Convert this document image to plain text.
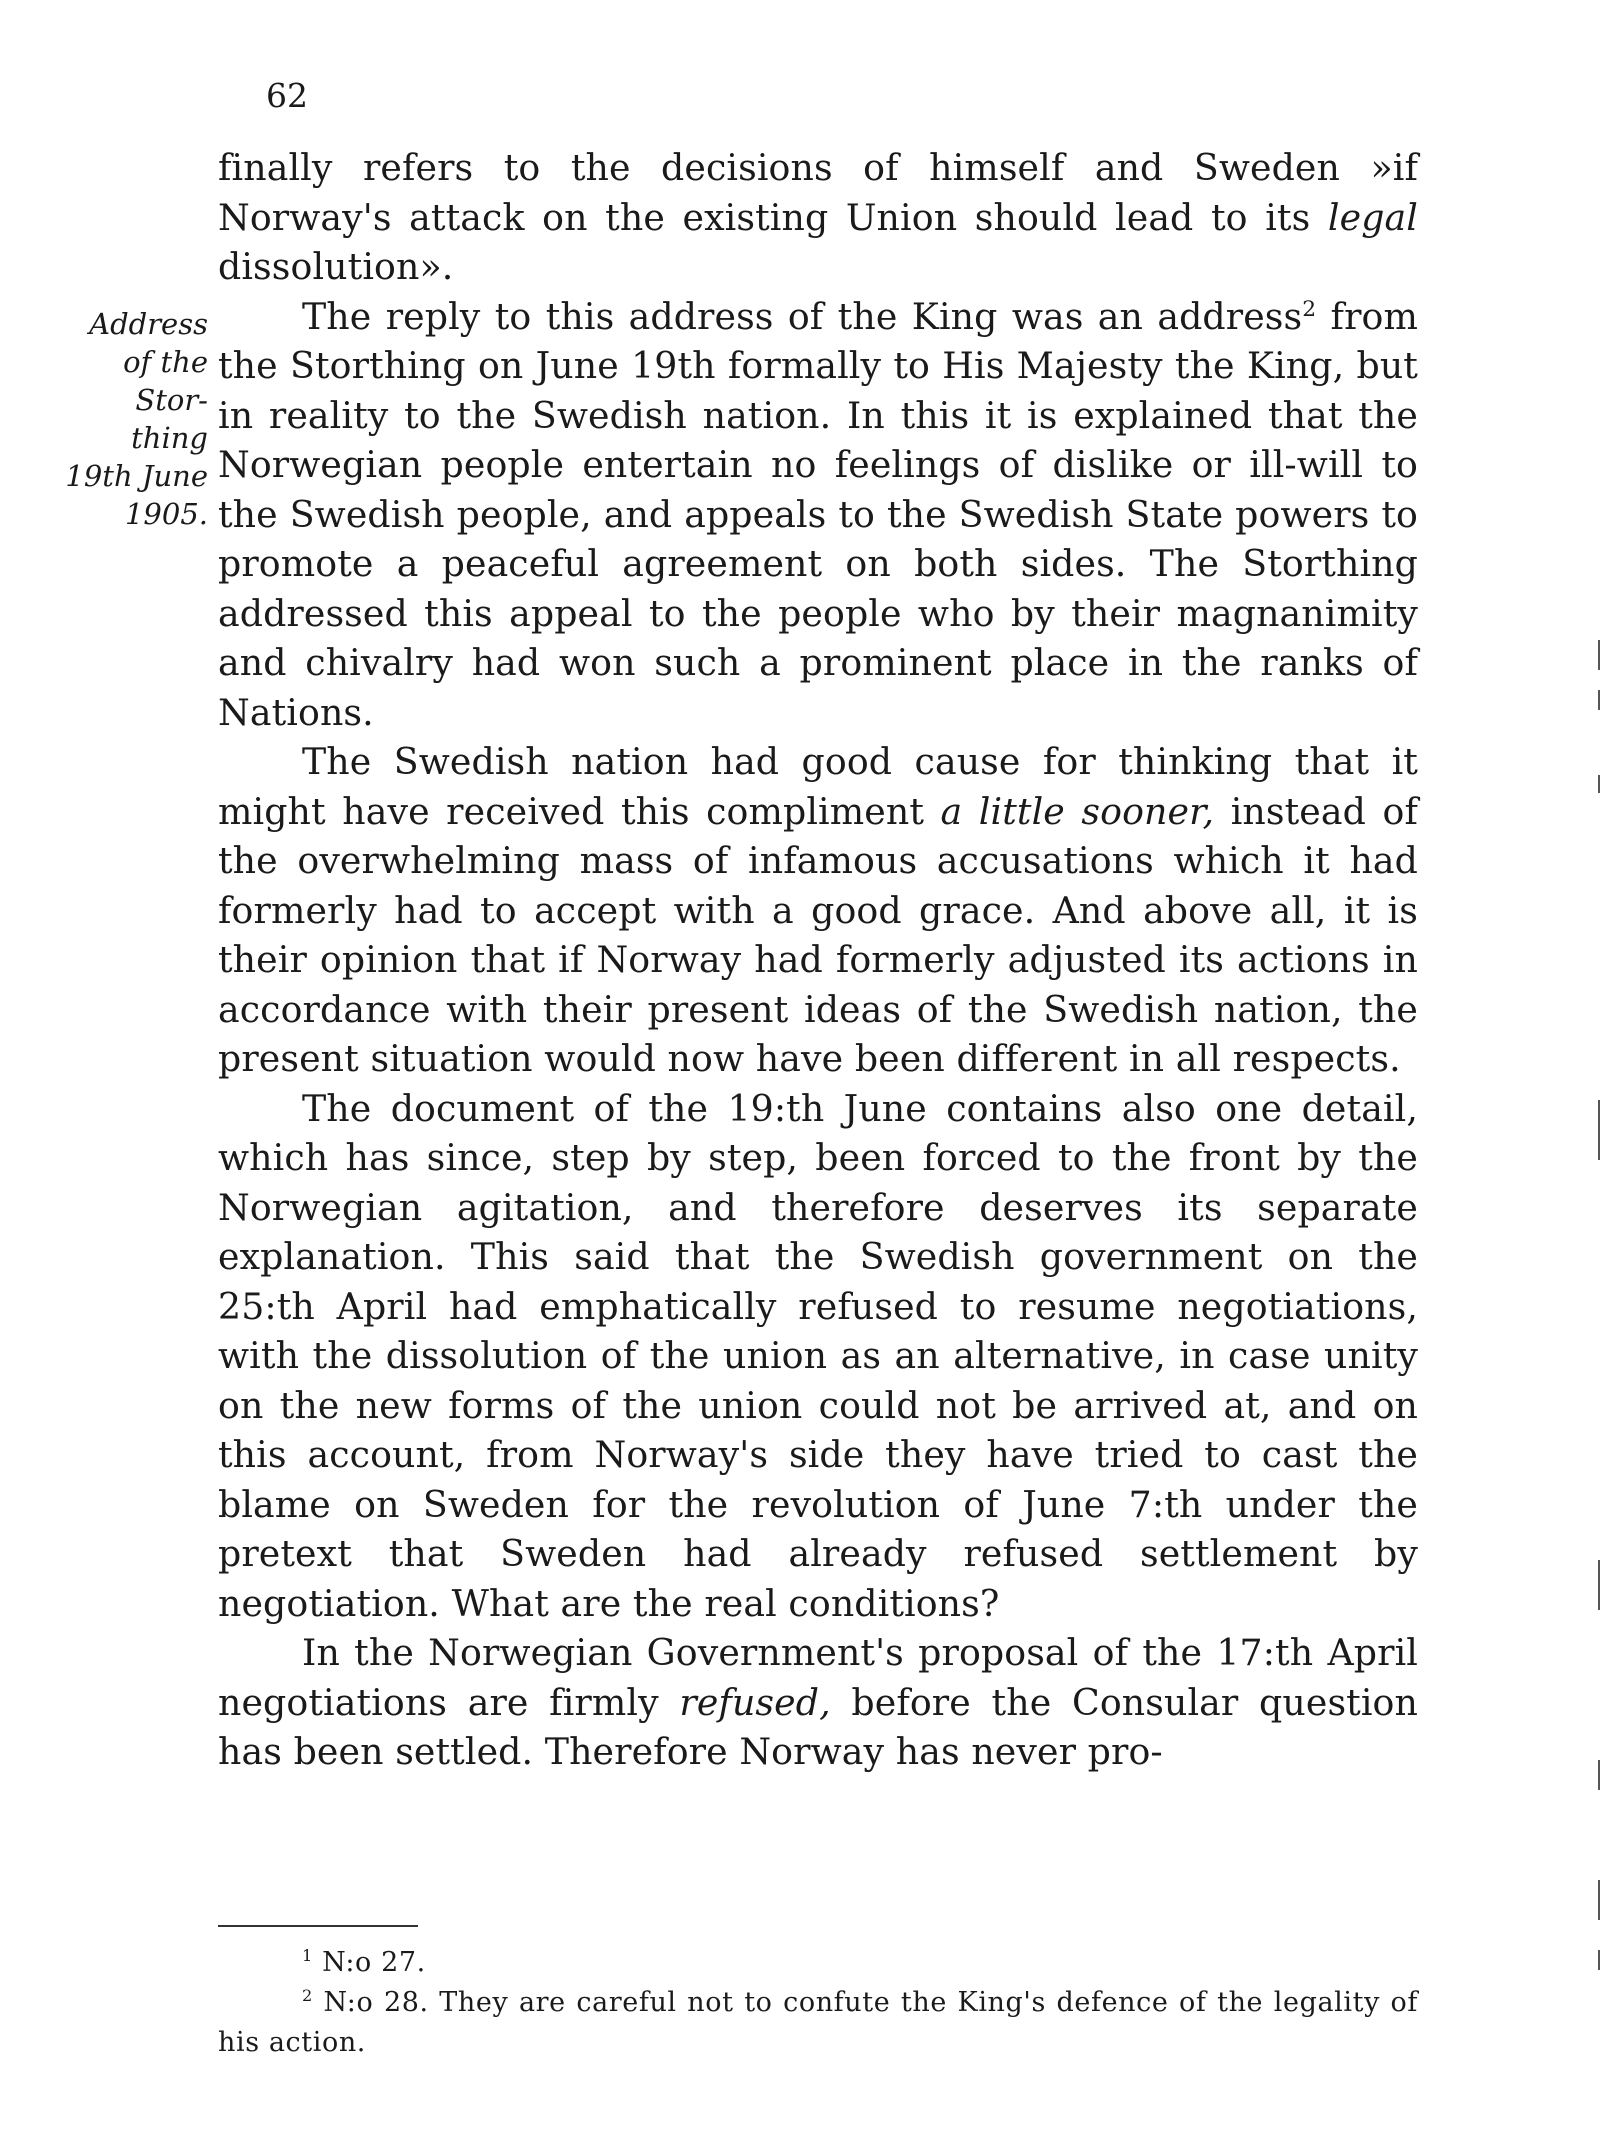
62
Address
of the
Stor-
thing
19th June
1905.

finally refers to the decisions of himself and Sweden »if Norway's attack on the existing Union should lead to its legal dissolution».

The reply to this address of the King was an address$^2$ from the Storthing on June 19th formally to His Majesty the King, but in reality to the Swedish nation. In this it is explained that the Norwegian people entertain no feelings of dislike or ill-will to the Swedish people, and appeals to the Swedish State powers to promote a peaceful agreement on both sides. The Storthing addressed this appeal to the people who by their magnanimity and chivalry had won such a prominent place in the ranks of Nations.

The Swedish nation had good cause for thinking that it might have received this compliment a little sooner, instead of the overwhelming mass of infamous accusations which it had formerly had to accept with a good grace. And above all, it is their opinion that if Norway had formerly adjusted its actions in accordance with their present ideas of the Swedish nation, the present situation would now have been different in all respects.

The document of the 19:th June contains also one detail, which has since, step by step, been forced to the front by the Norwegian agitation, and therefore deserves its separate explanation. This said that the Swedish government on the 25:th April had emphatically refused to resume negotiations, with the dissolution of the union as an alternative, in case unity on the new forms of the union could not be arrived at, and on this account, from Norway's side they have tried to cast the blame on Sweden for the revolution of June 7:th under the pretext that Sweden had already refused settlement by negotiation. What are the real conditions?

In the Norwegian Government's proposal of the 17:th April negotiations are firmly refused, before the Consular question has been settled. Therefore Norway has never pro-

$^1$ N:o 27.

$^2$ N:o 28. They are careful not to confute the King's defence of the legality of his action.
